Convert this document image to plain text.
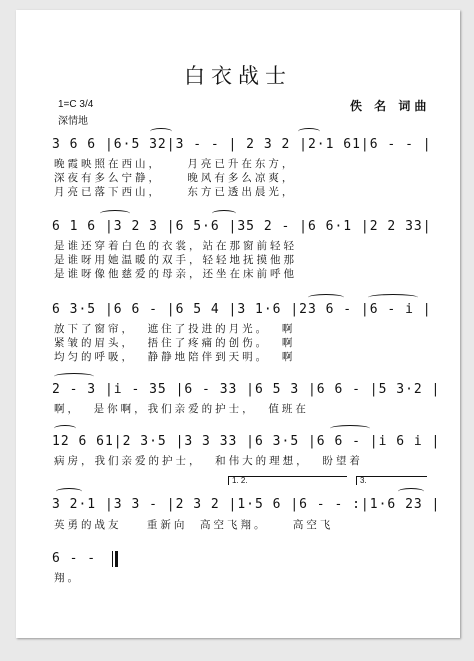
白衣战士
1=C 3/4
深情地
佚 名 词曲
3 6 6 |6·5 32|3 - - | 2 3 2 |2·1 61|6 - - |
晚霞映照在西山，    月亮已升在东方，
深夜有多么宁静，    晚风有多么凉爽，
月亮已落下西山，    东方已透出晨光，
6 1 6 |3 2 3 |6 5·6 |35 2 - |6 6·1 |2 2 33|
是谁还穿着白色的衣裳，站在那窗前轻轻
是谁呀用她温暖的双手，轻轻地抚摸他那
是谁呀像他慈爱的母亲，还坐在床前呼他
6 3·5 |6 6 - |6 5 4 |3 1·6 |23 6 - |6 - i |
放下了窗帘，  遮住了投进的月光。  啊
紧皱的眉头，  捂住了疼痛的创伤。  啊
均匀的呼吸，  静静地陪伴到天明。  啊
2 - 3 |i - 35 |6 - 33 |6 5 3 |6 6 - |5 3·2 |
啊，  是你啊，我们亲爱的护士，  值班在
12 6 61|2 3·5 |3 3 33 |6 3·5 |6 6 - |i 6 i |
病房，我们亲爱的护士，  和伟大的理想，  盼望着
1. 2.	3.
3 2·1 |3 3 - |2 3 2 |1·5 6 |6 - - :|1·6 23 |
英勇的战友    重新向  高空飞翔。    高空飞
6 - -
翔。
